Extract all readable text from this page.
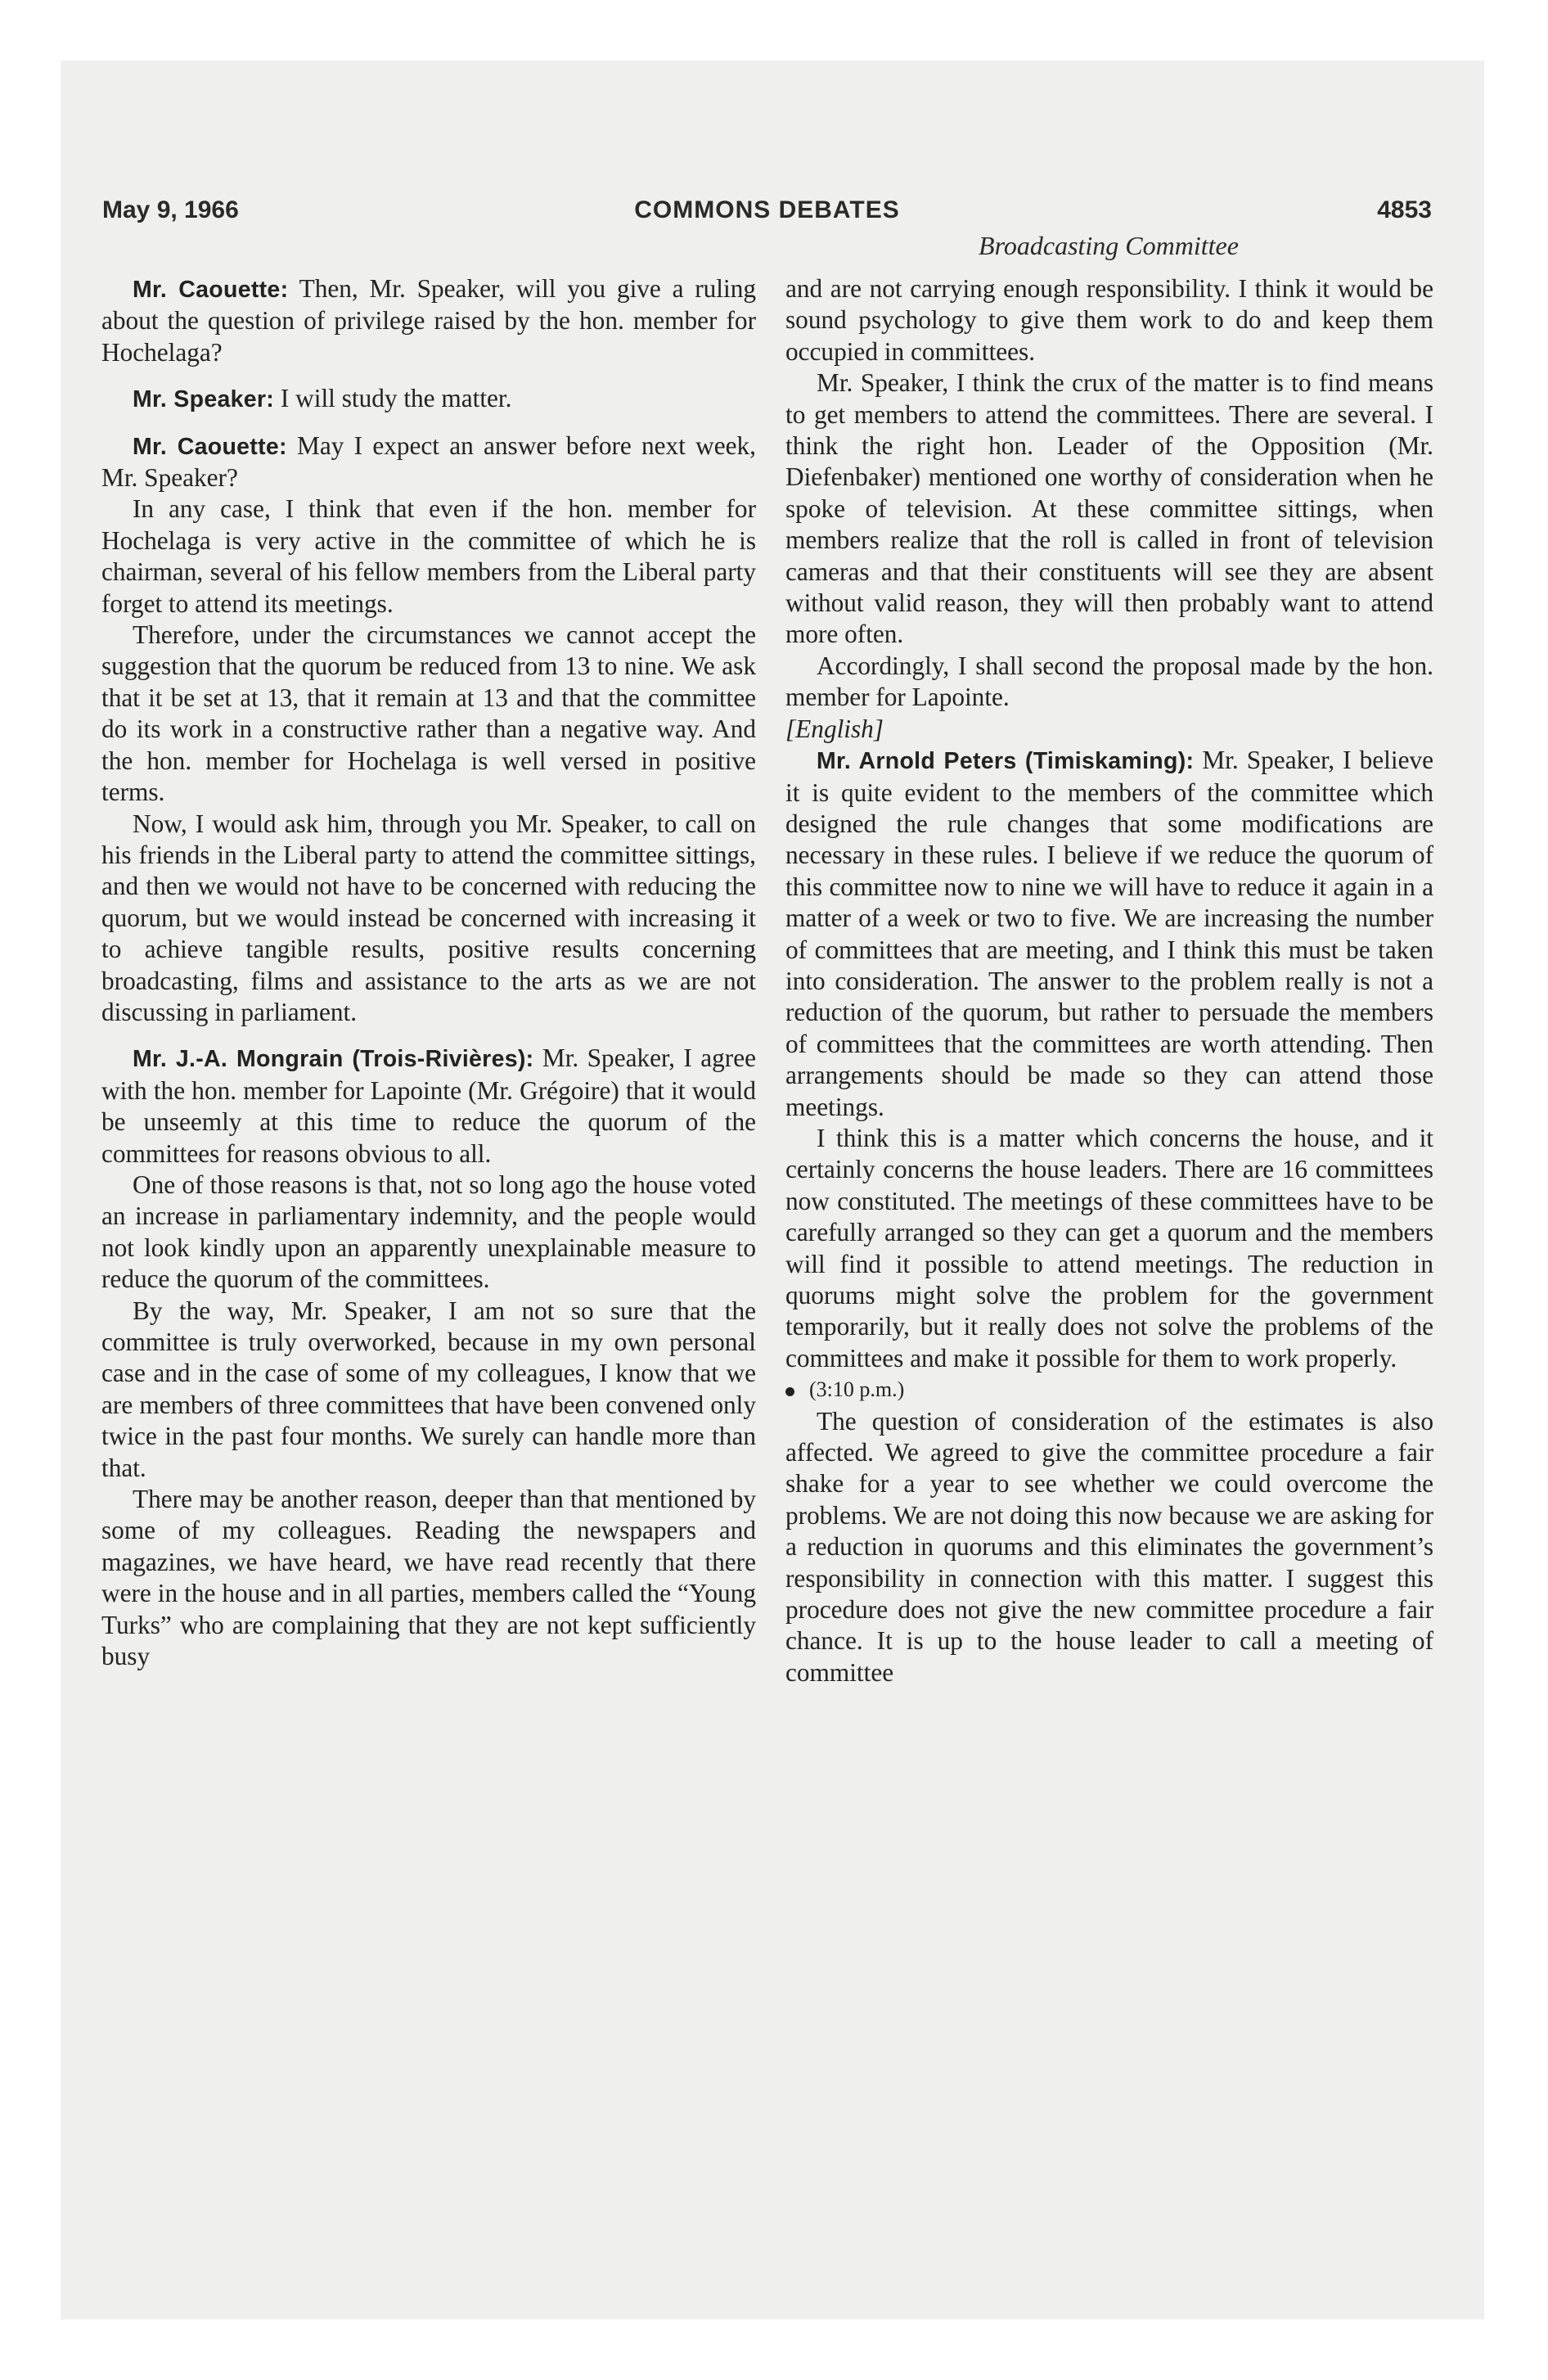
May 9, 1966	COMMONS DEBATES	4853
Broadcasting Committee

Mr. Caouette: Then, Mr. Speaker, will you give a ruling about the question of privilege raised by the hon. member for Hochelaga?

Mr. Speaker: I will study the matter.

Mr. Caouette: May I expect an answer before next week, Mr. Speaker?

In any case, I think that even if the hon. member for Hochelaga is very active in the committee of which he is chairman, several of his fellow members from the Liberal party forget to attend its meetings.

Therefore, under the circumstances we cannot accept the suggestion that the quorum be reduced from 13 to nine. We ask that it be set at 13, that it remain at 13 and that the committee do its work in a constructive rather than a negative way. And the hon. member for Hochelaga is well versed in positive terms.

Now, I would ask him, through you Mr. Speaker, to call on his friends in the Liberal party to attend the committee sittings, and then we would not have to be concerned with reducing the quorum, but we would instead be concerned with increasing it to achieve tangible results, positive results concerning broadcasting, films and assistance to the arts as we are not discussing in parliament.

Mr. J.-A. Mongrain (Trois-Rivières): Mr. Speaker, I agree with the hon. member for Lapointe (Mr. Grégoire) that it would be unseemly at this time to reduce the quorum of the committees for reasons obvious to all.

One of those reasons is that, not so long ago the house voted an increase in parliamentary indemnity, and the people would not look kindly upon an apparently unexplainable measure to reduce the quorum of the committees.

By the way, Mr. Speaker, I am not so sure that the committee is truly overworked, because in my own personal case and in the case of some of my colleagues, I know that we are members of three committees that have been convened only twice in the past four months. We surely can handle more than that.

There may be another reason, deeper than that mentioned by some of my colleagues. Reading the newspapers and magazines, we have heard, we have read recently that there were in the house and in all parties, members called the “Young Turks” who are complaining that they are not kept sufficiently busy

and are not carrying enough responsibility. I think it would be sound psychology to give them work to do and keep them occupied in committees.

Mr. Speaker, I think the crux of the matter is to find means to get members to attend the committees. There are several. I think the right hon. Leader of the Opposition (Mr. Diefenbaker) mentioned one worthy of consideration when he spoke of television. At these committee sittings, when members realize that the roll is called in front of television cameras and that their constituents will see they are absent without valid reason, they will then probably want to attend more often.

Accordingly, I shall second the proposal made by the hon. member for Lapointe.

[English]

Mr. Arnold Peters (Timiskaming): Mr. Speaker, I believe it is quite evident to the members of the committee which designed the rule changes that some modifications are necessary in these rules. I believe if we reduce the quorum of this committee now to nine we will have to reduce it again in a matter of a week or two to five. We are increasing the number of committees that are meeting, and I think this must be taken into consideration. The answer to the problem really is not a reduction of the quorum, but rather to persuade the members of committees that the committees are worth attending. Then arrangements should be made so they can attend those meetings.

I think this is a matter which concerns the house, and it certainly concerns the house leaders. There are 16 committees now constituted. The meetings of these committees have to be carefully arranged so they can get a quorum and the members will find it possible to attend meetings. The reduction in quorums might solve the problem for the government temporarily, but it really does not solve the problems of the committees and make it possible for them to work properly.

(3:10 p.m.)

The question of consideration of the estimates is also affected. We agreed to give the committee procedure a fair shake for a year to see whether we could overcome the problems. We are not doing this now because we are asking for a reduction in quorums and this eliminates the government’s responsibility in connection with this matter. I suggest this procedure does not give the new committee procedure a fair chance. It is up to the house leader to call a meeting of committee
